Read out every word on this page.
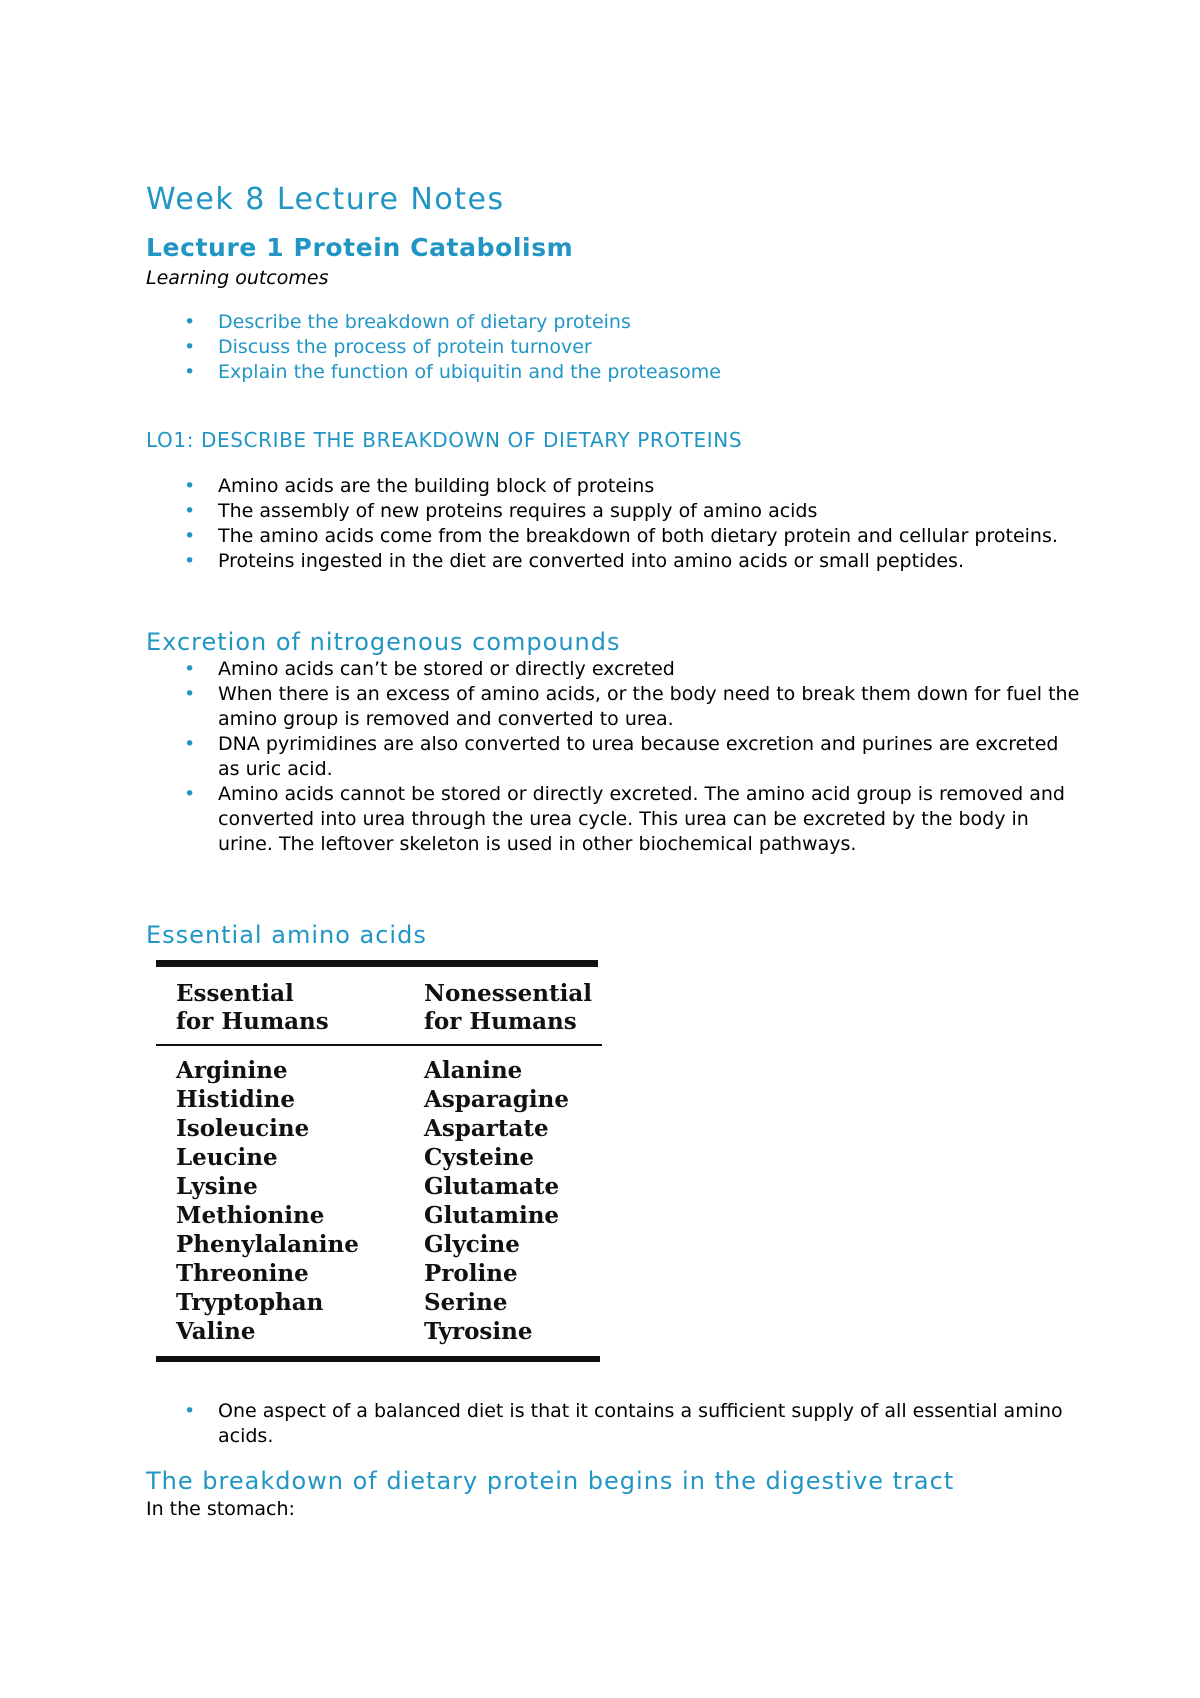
Week 8 Lecture Notes
Lecture 1 Protein Catabolism

Learning outcomes

• Describe the breakdown of dietary proteins
• Discuss the process of protein turnover
• Explain the function of ubiquitin and the proteasome
LO1: DESCRIBE THE BREAKDOWN OF DIETARY PROTEINS
• Amino acids are the building block of proteins
• The assembly of new proteins requires a supply of amino acids
• The amino acids come from the breakdown of both dietary protein and cellular proteins.
• Proteins ingested in the diet are converted into amino acids or small peptides.
Excretion of nitrogenous compounds
• Amino acids can’t be stored or directly excreted
• When there is an excess of amino acids, or the body need to break them down for fuel the amino group is removed and converted to urea.
• DNA pyrimidines are also converted to urea because excretion and purines are excreted as uric acid.
• Amino acids cannot be stored or directly excreted. The amino acid group is removed and converted into urea through the urea cycle. This urea can be excreted by the body in urine. The leftover skeleton is used in other biochemical pathways.
Essential amino acids
Essential
for Humans
Nonessential
for Humans
Arginine
Histidine
Isoleucine
Leucine
Lysine
Methionine
Phenylalanine
Threonine
Tryptophan
Valine
Alanine
Asparagine
Aspartate
Cysteine
Glutamate
Glutamine
Glycine
Proline
Serine
Tyrosine
• One aspect of a balanced diet is that it contains a sufficient supply of all essential amino acids.
The breakdown of dietary protein begins in the digestive tract

In the stomach:
